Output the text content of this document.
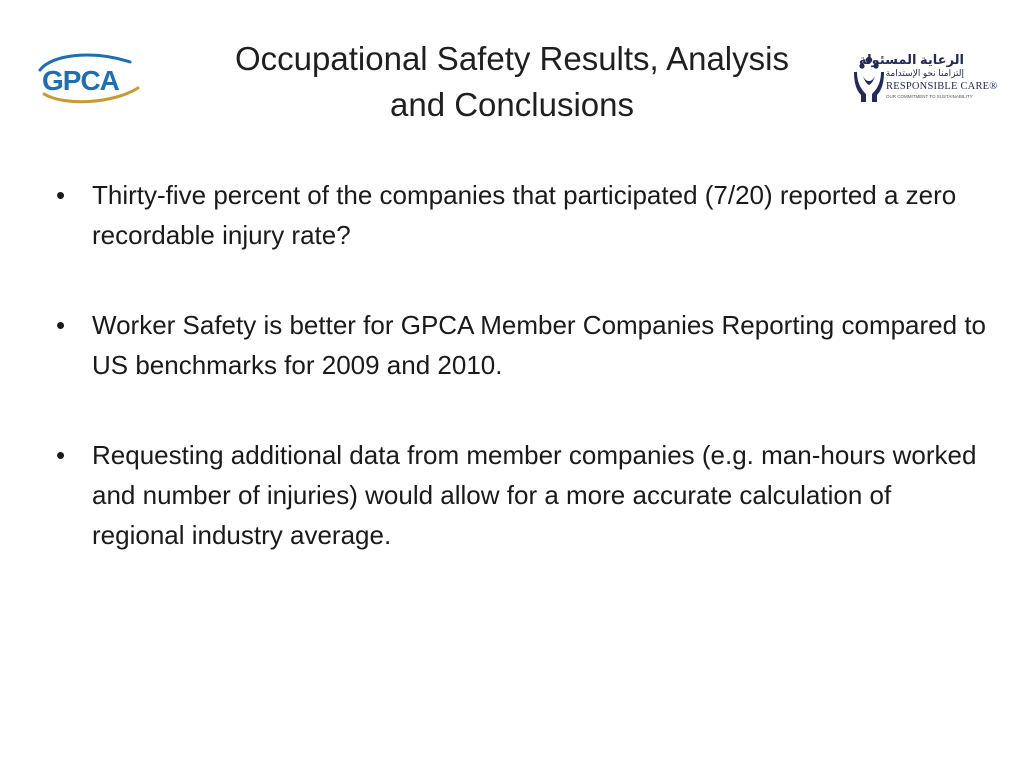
GPCA
Occupational Safety Results, Analysis
and Conclusions
الرعاية المسئولة
إلتزامنا نحو الإستدامة
RESPONSIBLE CARE®
OUR COMMITMENT TO SUSTAINABILITY
•	Thirty-five percent of the companies that participated (7/20) reported a zero recordable injury rate?
•	Worker Safety is better for GPCA Member Companies Reporting compared to US benchmarks for 2009 and 2010.
•	Requesting additional data from member companies (e.g. man-hours worked and number of injuries) would allow for a more accurate calculation of regional industry average.
